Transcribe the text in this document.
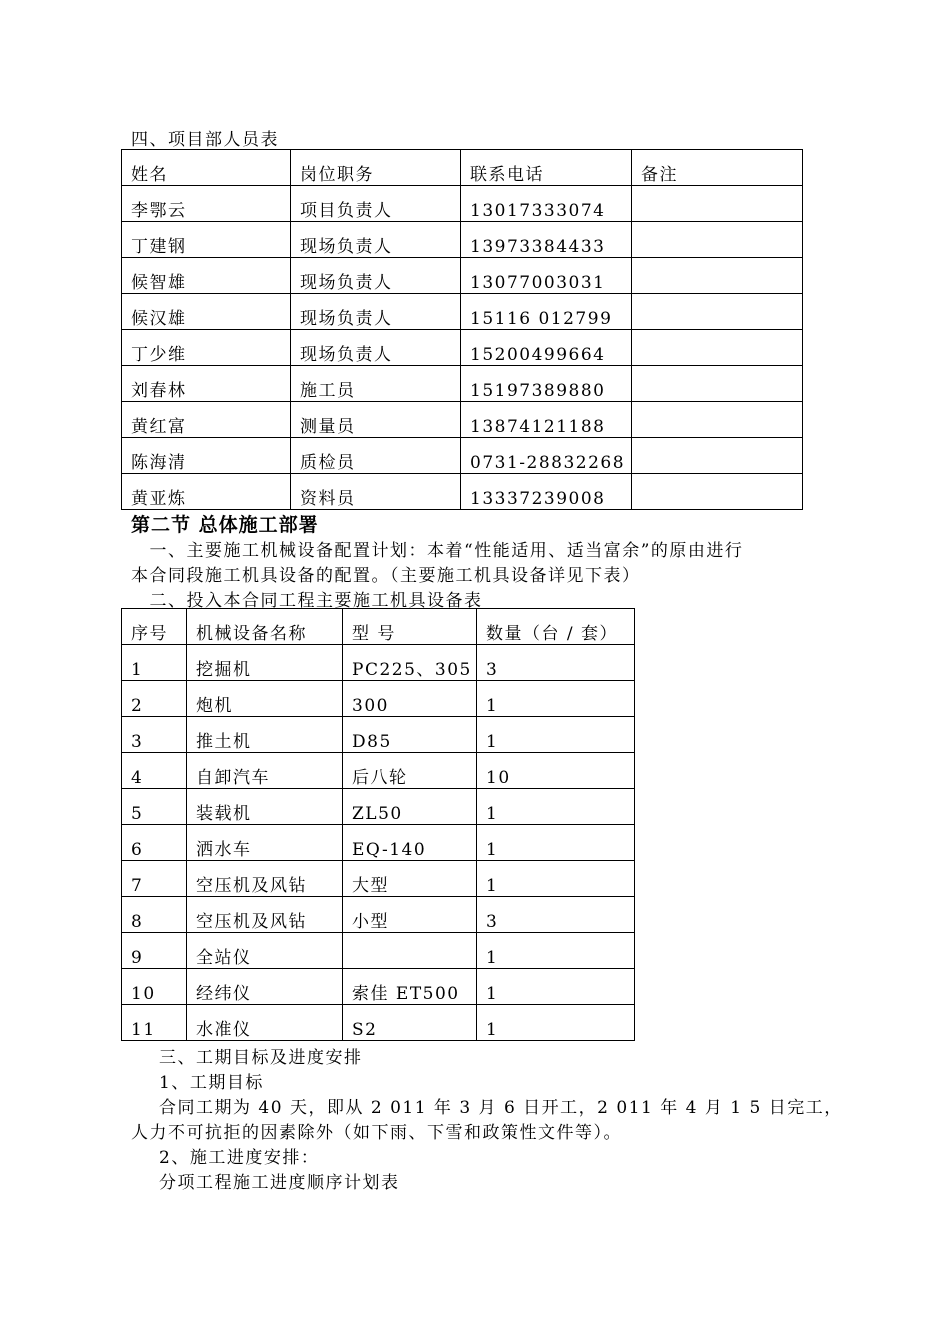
四、项目部人员表
姓名	岗位职务	联系电话	备注
李鄂云	项目负责人	13017333074	
丁建钢	现场负责人	13973384433	
候智雄	现场负责人	13077003031	
候汉雄	现场负责人	15116 012799	
丁少维	现场负责人	15200499664	
刘春林	施工员	15197389880	
黄红富	测量员	13874121188	
陈海清	质检员	0731-28832268	
黄亚炼	资料员	13337239008	
第二节 总体施工部署
　一、主要施工机械设备配置计划：本着“性能适用、适当富余”的原由进行
本合同段施工机具设备的配置。（主要施工机具设备详见下表）
　二、投入本合同工程主要施工机具设备表
序号	机械设备名称	型 号	数量（台 / 套）
1	挖掘机	PC225、305	3
2	炮机	300	1
3	推土机	D85	1
4	自卸汽车	后八轮	10
5	装载机	ZL50	1
6	洒水车	EQ-140	1
7	空压机及风钻	大型	1
8	空压机及风钻	小型	3
9	全站仪		1
10	经纬仪	索佳 ET500	1
11	水准仪	S2	1
三、工期目标及进度安排
1、工期目标
合同工期为 40 天，即从 2 011 年 3 月 6 日开工，2 011 年 4 月 1 5 日完工，
人力不可抗拒的因素除外（如下雨、下雪和政策性文件等）。
2、施工进度安排：
分项工程施工进度顺序计划表
